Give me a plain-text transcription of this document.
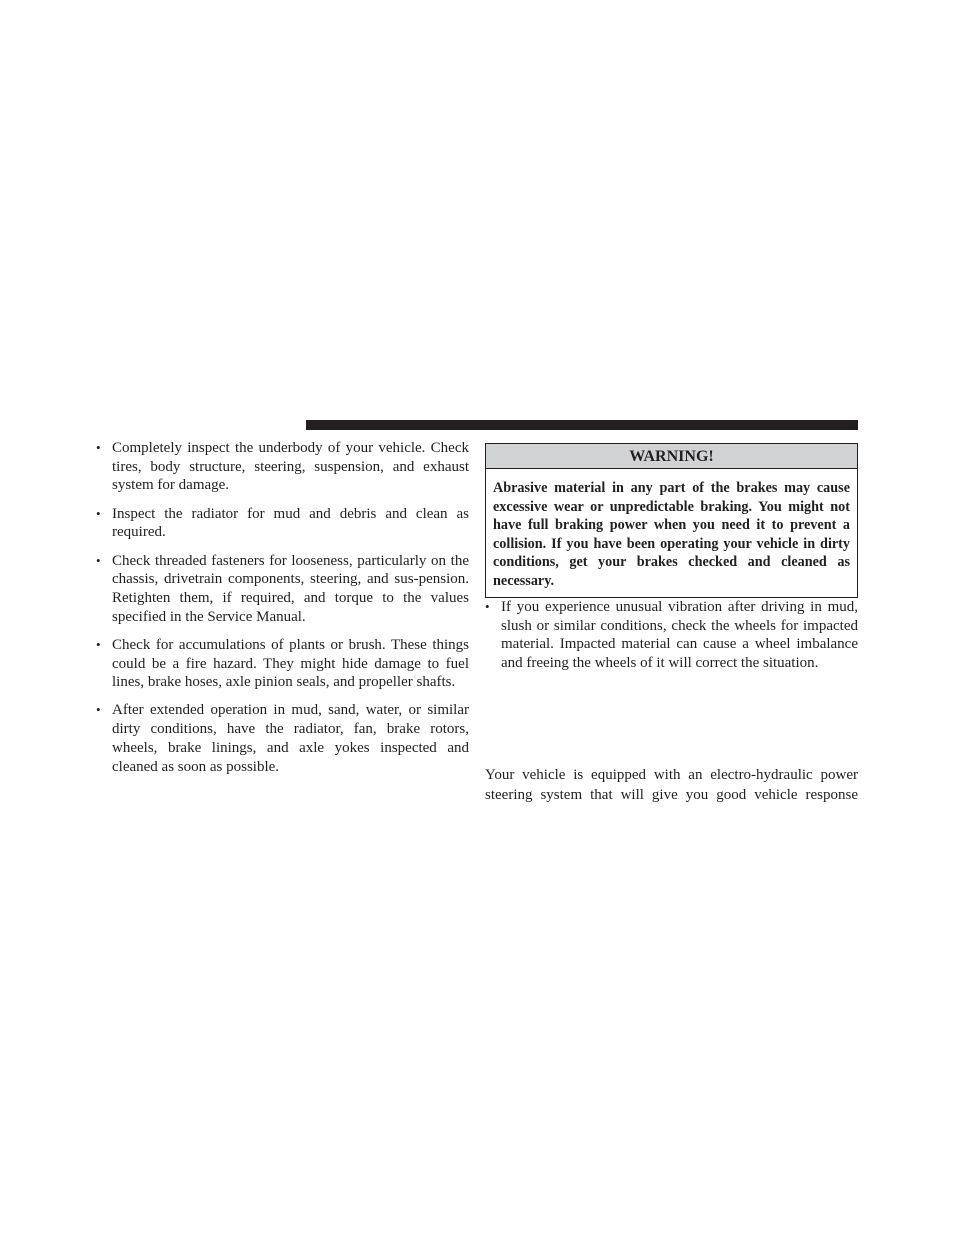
• Completely inspect the underbody of your vehicle. Check tires, body structure, steering, suspension, and exhaust system for damage.
• Inspect the radiator for mud and debris and clean as required.
• Check threaded fasteners for looseness, particularly on the chassis, drivetrain components, steering, and sus-pension. Retighten them, if required, and torque to the values specified in the Service Manual.
• Check for accumulations of plants or brush. These things could be a fire hazard. They might hide damage to fuel lines, brake hoses, axle pinion seals, and propeller shafts.
• After extended operation in mud, sand, water, or similar dirty conditions, have the radiator, fan, brake rotors, wheels, brake linings, and axle yokes inspected and cleaned as soon as possible.
WARNING!
Abrasive material in any part of the brakes may cause excessive wear or unpredictable braking. You might not have full braking power when you need it to prevent a collision. If you have been operating your vehicle in dirty conditions, get your brakes checked and cleaned as necessary.
• If you experience unusual vibration after driving in mud, slush or similar conditions, check the wheels for impacted material. Impacted material can cause a wheel imbalance and freeing the wheels of it will correct the situation.
Your vehicle is equipped with an electro-hydraulic power steering system that will give you good vehicle response
